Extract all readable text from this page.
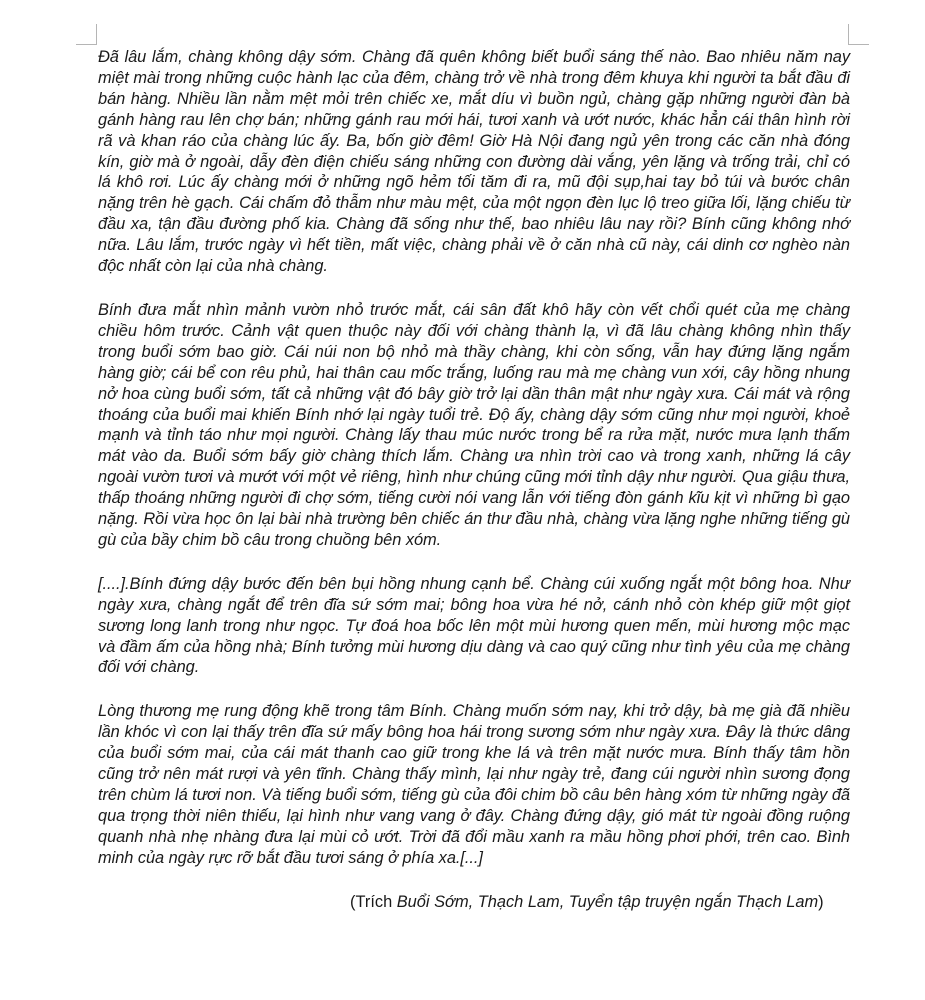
Đã lâu lắm, chàng không dậy sớm. Chàng đã quên không biết buổi sáng thế nào. Bao nhiêu năm nay miệt mài trong những cuộc hành lạc của đêm, chàng trở về nhà trong đêm khuya khi người ta bắt đầu đi bán hàng. Nhiều lần nằm mệt mỏi trên chiếc xe, mắt díu vì buồn ngủ, chàng gặp những người đàn bà gánh hàng rau lên chợ bán; những gánh rau mới hái, tươi xanh và ướt nước, khác hẳn cái thân hình rời rã và khan ráo của chàng lúc ấy. Ba, bốn giờ đêm! Giờ Hà Nội đang ngủ yên trong các căn nhà đóng kín, giờ mà ở ngoài, dẫy đèn điện chiếu sáng những con đường dài vắng, yên lặng và trống trải, chỉ có lá khô rơi. Lúc ấy chàng mới ở những ngõ hẻm tối tăm đi ra, mũ đội sụp,hai tay bỏ túi và bước chân nặng trên hè gạch. Cái chấm đỏ thẫm như màu mệt, của một ngọn đèn lục lộ treo giữa lối, lặng chiếu từ đầu xa, tận đầu đường phố kia. Chàng đã sống như thế, bao nhiêu lâu nay rồi? Bính cũng không nhớ nữa. Lâu lắm, trước ngày vì hết tiền, mất việc, chàng phải về ở căn nhà cũ này, cái dinh cơ nghèo nàn độc nhất còn lại của nhà chàng.

Bính đưa mắt nhìn mảnh vườn nhỏ trước mắt, cái sân đất khô hãy còn vết chổi quét của mẹ chàng chiều hôm trước. Cảnh vật quen thuộc này đối với chàng thành lạ, vì đã lâu chàng không nhìn thấy trong buổi sớm bao giờ. Cái núi non bộ nhỏ mà thầy chàng, khi còn sống, vẫn hay đứng lặng ngắm hàng giờ; cái bể con rêu phủ, hai thân cau mốc trắng, luống rau mà mẹ chàng vun xới, cây hồng nhung nở hoa cùng buổi sớm, tất cả những vật đó bây giờ trở lại dần thân mật như ngày xưa. Cái mát và rộng thoáng của buổi mai khiến Bính nhớ lại ngày tuổi trẻ. Độ ấy, chàng dậy sớm cũng như mọi người, khoẻ mạnh và tỉnh táo như mọi người. Chàng lấy thau múc nước trong bể ra rửa mặt, nước mưa lạnh thấm mát vào da. Buổi sớm bấy giờ chàng thích lắm. Chàng ưa nhìn trời cao và trong xanh, những lá cây ngoài vườn tươi và mướt với một vẻ riêng, hình như chúng cũng mới tỉnh dậy như người. Qua giậu thưa, thấp thoáng những người đi chợ sớm, tiếng cười nói vang lẫn với tiếng đòn gánh kĩu kịt vì những bì gạo nặng. Rồi vừa học ôn lại bài nhà trường bên chiếc án thư đầu nhà, chàng vừa lặng nghe những tiếng gù gù của bầy chim bồ câu trong chuồng bên xóm.

[....].Bính đứng dậy bước đến bên bụi hồng nhung cạnh bể. Chàng cúi xuống ngắt một bông hoa. Như ngày xưa, chàng ngắt để trên đĩa sứ sớm mai; bông hoa vừa hé nở, cánh nhỏ còn khép giữ một giọt sương long lanh trong như ngọc. Tự đoá hoa bốc lên một mùi hương quen mến, mùi hương mộc mạc và đầm ấm của hồng nhà; Bính tưởng mùi hương dịu dàng và cao quý cũng như tình yêu của mẹ chàng đối với chàng.

Lòng thương mẹ rung động khẽ trong tâm Bính. Chàng muốn sớm nay, khi trở dậy, bà mẹ già đã nhiều lần khóc vì con lại thấy trên đĩa sứ mấy bông hoa hái trong sương sớm như ngày xưa. Đây là thức dâng của buổi sớm mai, của cái mát thanh cao giữ trong khe lá và trên mặt nước mưa. Bính thấy tâm hồn cũng trở nên mát rượi và yên tĩnh. Chàng thấy mình, lại như ngày trẻ, đang cúi người nhìn sương đọng trên chùm lá tươi non. Và tiếng buổi sớm, tiếng gù của đôi chim bồ câu bên hàng xóm từ những ngày đã qua trọng thời niên thiếu, lại hình như vang vang ở đây. Chàng đứng dậy, gió mát từ ngoài đồng ruộng quanh nhà nhẹ nhàng đưa lại mùi cỏ ướt. Trời đã đổi mầu xanh ra mầu hồng phơi phới, trên cao. Bình minh của ngày rực rỡ bắt đầu tươi sáng ở phía xa.[...]

(Trích Buổi Sớm, Thạch Lam, Tuyển tập truyện ngắn Thạch Lam)
